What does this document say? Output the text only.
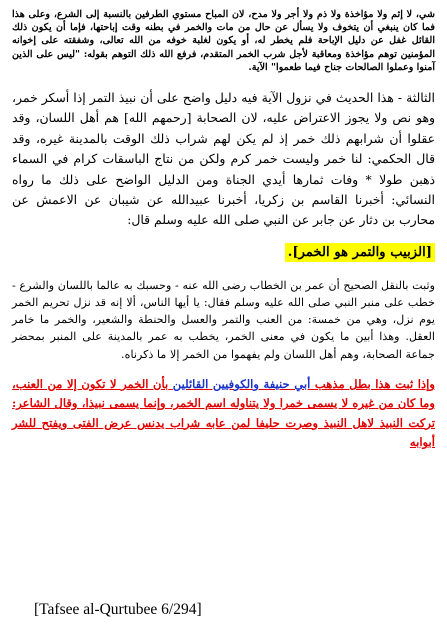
شي، لا إثم ولا مؤاخذة ولا ذم ولا أجر ولا مدح، لان المباح مستوي الطرفين بالنسبة إلى الشرع، وعلى هذا فما كان ينبغي أن يتخوف ولا يسأل عن حال من مات والخمر في بطنه وقت إباحتها، فإما أن يكون ذلك القائل غفل عن دليل الإباحة فلم يخطر له، أو يكون لغلبة خوفه من الله تعالى، وشفقته على إخوانه المؤمنين توهم مؤاخذة ومعاقبة لأجل شرب الخمر المتقدم، فرفع الله ذلك التوهم بقوله: "ليس على الذين آمنوا وعملوا الصالحات جناح فيما طعموا" الآية.

الثالثة - هذا الحديث في نزول الآية فيه دليل واضح على أن نبيذ التمر إذا أسكر خمر، وهو نص ولا يجوز الاعتراض عليه، لان الصحابة [رحمهم الله] هم أهل اللسان، وقد عقلوا أن شرابهم ذلك خمر إذ لم يكن لهم شراب ذلك الوقت بالمدينة غيره، وقد قال الحكمي: لنا خمر وليست خمر كرم ولكن من نتاج الباسقات كرام في السماء ذهبن طولا * وفات ثمارها أيدي الجناة ومن الدليل الواضح على ذلك ما رواه النسائي: أخبرنا القاسم بن زكريا، أخبرنا عبيدالله عن شيبان عن الاعمش عن محارب بن دثار عن جابر عن النبي صلى الله عليه وسلم قال:

[الزبيب والتمر هو الخمر].

وثبت بالنقل الصحيح أن عمر بن الخطاب رضى الله عنه - وحسبك به عالما باللسان والشرع - خطب على منبر النبي صلى الله عليه وسلم فقال: يا أيها الناس، ألا إنه قد نزل تحريم الخمر يوم نزل، وهي من خمسة: من العنب والتمر والعسل والحنطة والشعير، والخمر ما خامر العقل. وهذا أبين ما يكون في معنى الخمر، يخطب به عمر بالمدينة على المنبر بمحضر جماعة الصحابة، وهم أهل اللسان ولم يفهموا من الخمر إلا ما ذكرناه.

وإذا ثبت هذا بطل مذهب أبي حنيفة والكوفيين القائلين بأن الخمر لا تكون إلا من العنب، وما كان من غيره لا يسمى خمرا ولا يتناوله اسم الخمر، وإنما يسمى نبيذا، وقال الشاعر: تركت النبيذ لاهل النبيذ وصرت حليفا لمن عابه شراب يدنس عرض الفتى ويفتح للشر أبوابه

[Tafsee al-Qurtubee 6/294]
